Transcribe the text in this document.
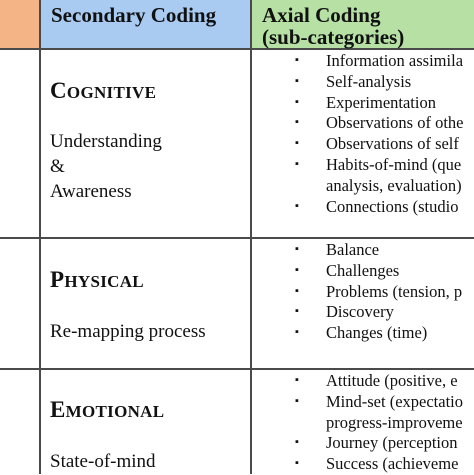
Secondary Coding Axial Coding
(sub-categories)
COGNITIVE
Understanding
&
Awareness
▪ Information assimila
▪ Self-analysis
▪ Experimentation
▪ Observations of othe
▪ Observations of self
▪ Habits-of-mind (que
analysis, evaluation)
▪ Connections (studio
PHYSICAL
Re-mapping process
▪ Balance
▪ Challenges
▪ Problems (tension, p
▪ Discovery
▪ Changes (time)
EMOTIONAL
State-of-mind
▪ Attitude (positive, e
▪ Mind-set (expectatio
progress-improveme
▪ Journey (perception
▪ Success (achieveme
